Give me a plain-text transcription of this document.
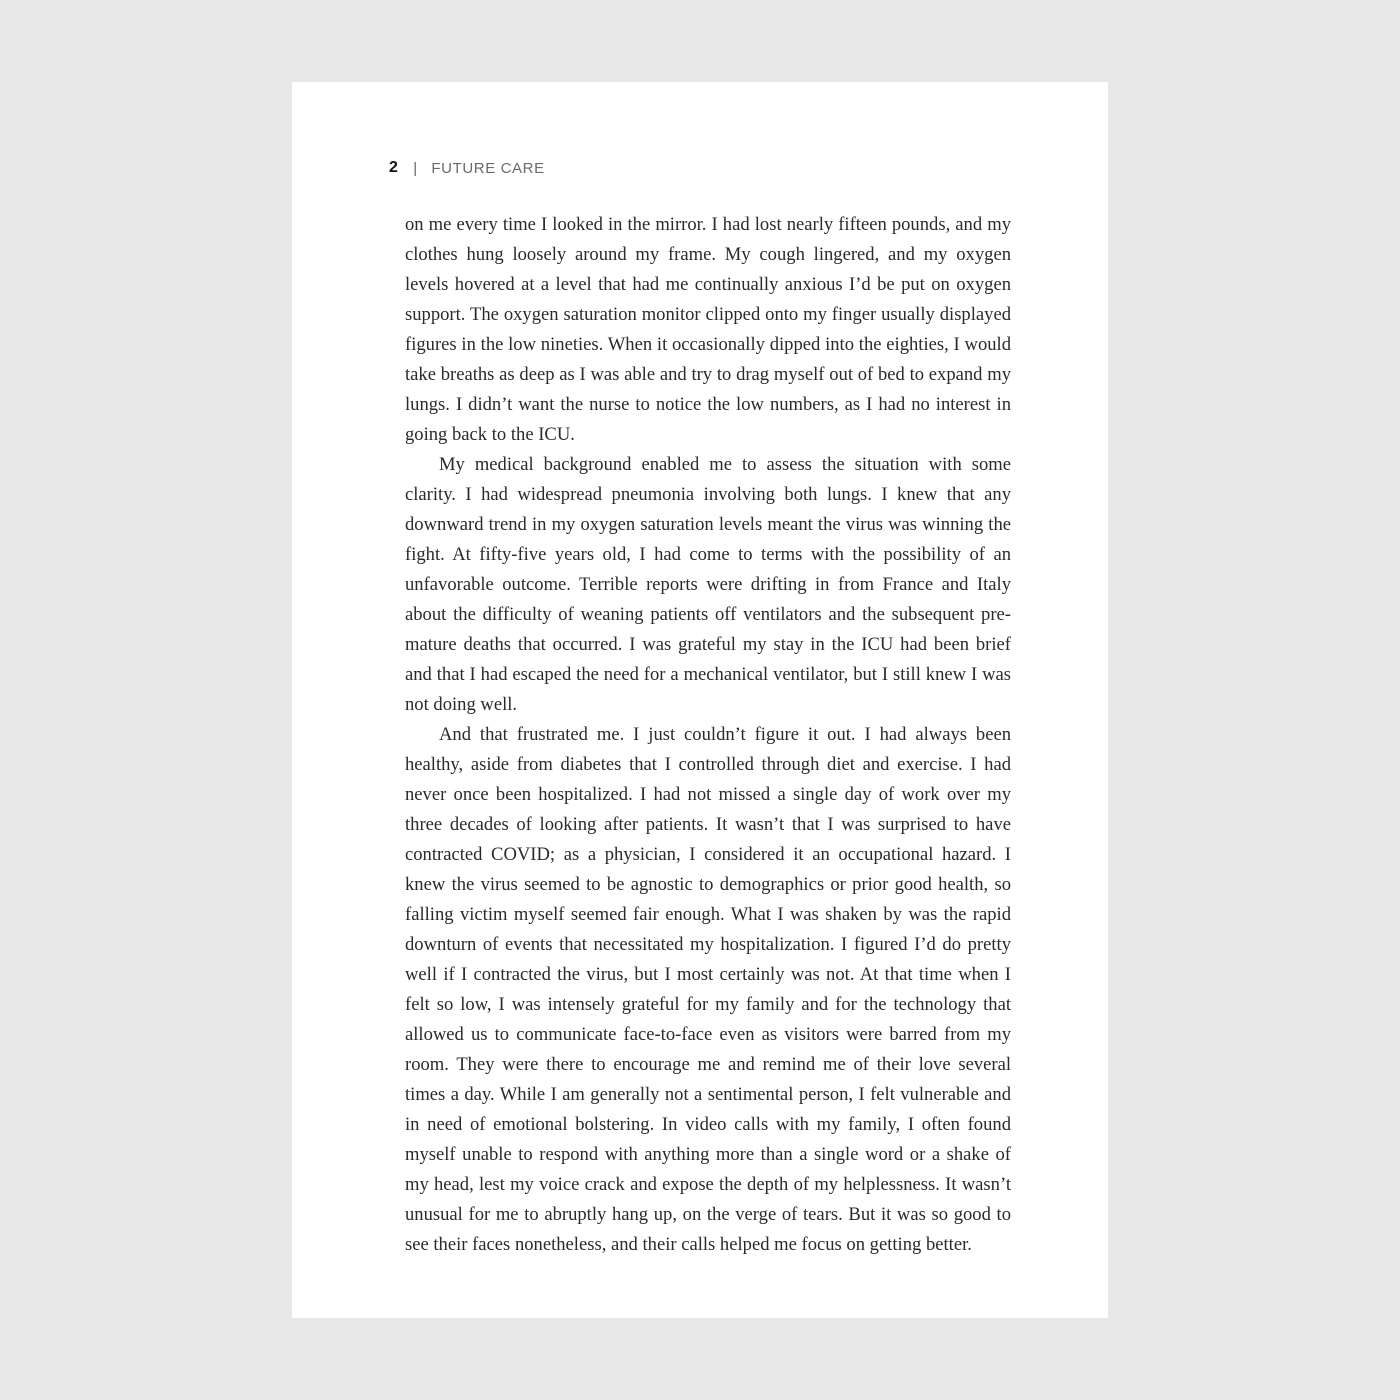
2 | FUTURE CARE

on me every time I looked in the mirror. I had lost nearly fifteen pounds, and my clothes hung loosely around my frame. My cough lingered, and my oxygen levels hovered at a level that had me continually anxious I’d be put on oxygen support. The oxygen saturation monitor clipped onto my finger usually displayed figures in the low nineties. When it occasionally dipped into the eighties, I would take breaths as deep as I was able and try to drag myself out of bed to expand my lungs. I didn’t want the nurse to notice the low numbers, as I had no interest in going back to the ICU.

My medical background enabled me to assess the situation with some clarity. I had widespread pneumonia involving both lungs. I knew that any downward trend in my oxygen saturation levels meant the virus was winning the fight. At fifty-five years old, I had come to terms with the possibility of an unfavorable outcome. Terrible reports were drifting in from France and Italy about the difficulty of weaning patients off ventilators and the subsequent premature deaths that occurred. I was grateful my stay in the ICU had been brief and that I had escaped the need for a mechanical ventilator, but I still knew I was not doing well.

And that frustrated me. I just couldn’t figure it out. I had always been healthy, aside from diabetes that I controlled through diet and exercise. I had never once been hospitalized. I had not missed a single day of work over my three decades of looking after patients. It wasn’t that I was surprised to have contracted COVID; as a physician, I considered it an occupational hazard. I knew the virus seemed to be agnostic to demographics or prior good health, so falling victim myself seemed fair enough. What I was shaken by was the rapid downturn of events that necessitated my hospitalization. I figured I’d do pretty well if I contracted the virus, but I most certainly was not. At that time when I felt so low, I was intensely grateful for my family and for the technology that allowed us to communicate face-to-face even as visitors were barred from my room. They were there to encourage me and remind me of their love several times a day. While I am generally not a sentimental person, I felt vulnerable and in need of emotional bolstering. In video calls with my family, I often found myself unable to respond with anything more than a single word or a shake of my head, lest my voice crack and expose the depth of my helplessness. It wasn’t unusual for me to abruptly hang up, on the verge of tears. But it was so good to see their faces nonetheless, and their calls helped me focus on getting better.
